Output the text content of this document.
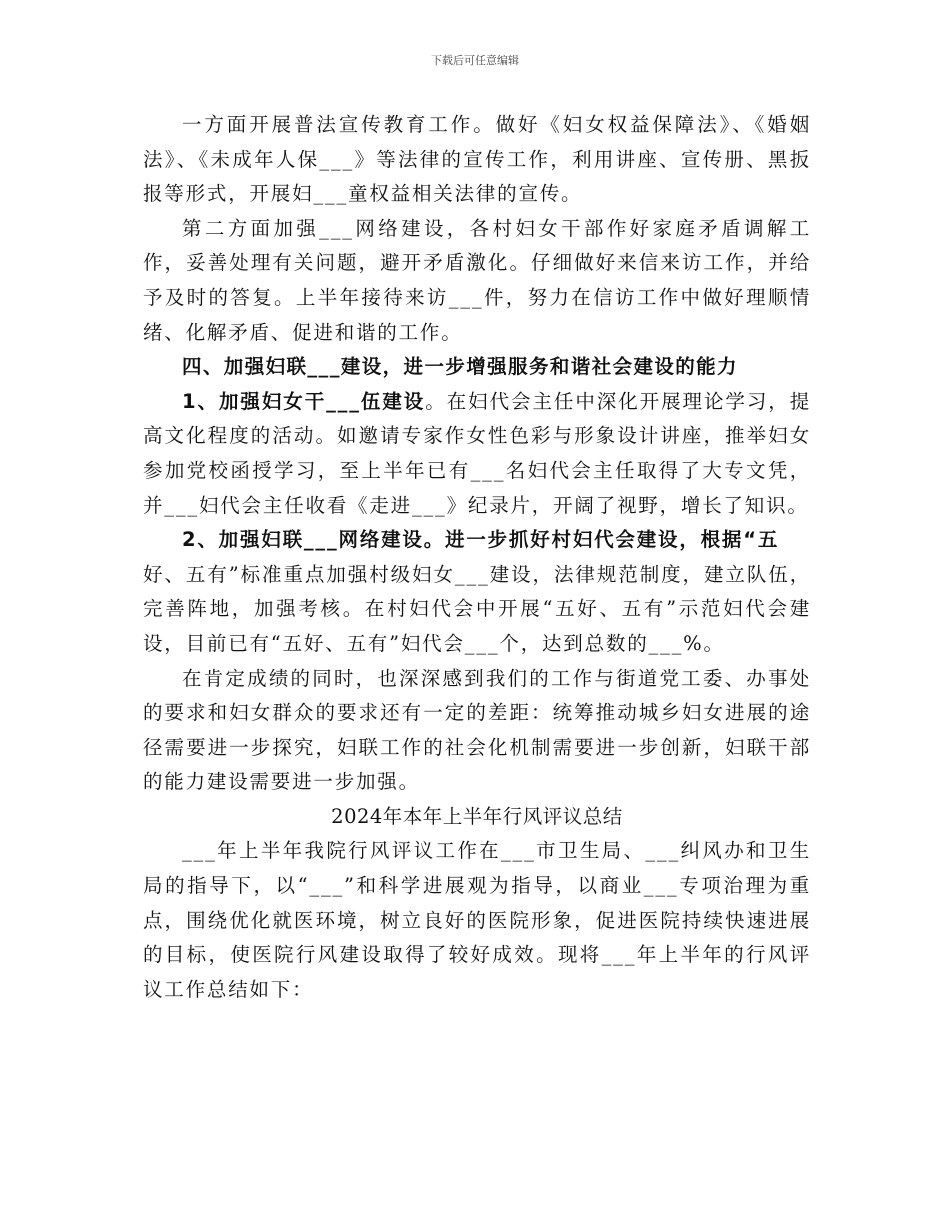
下载后可任意编辑

一方面开展普法宣传教育工作。做好《妇女权益保障法》、《婚姻法》、《未成年人保___》等法律的宣传工作，利用讲座、宣传册、黑扳报等形式，开展妇___童权益相关法律的宣传。

第二方面加强___网络建设，各村妇女干部作好家庭矛盾调解工作，妥善处理有关问题，避开矛盾激化。仔细做好来信来访工作，并给予及时的答复。上半年接待来访___件，努力在信访工作中做好理顺情绪、化解矛盾、促进和谐的工作。

四、加强妇联___建设，进一步增强服务和谐社会建设的能力

1、加强妇女干___伍建设。在妇代会主任中深化开展理论学习，提高文化程度的活动。如邀请专家作女性色彩与形象设计讲座，推举妇女参加党校函授学习，至上半年已有___名妇代会主任取得了大专文凭，并___妇代会主任收看《走进___》纪录片，开阔了视野，增长了知识。

2、加强妇联___网络建设。进一步抓好村妇代会建设，根据“五

好、五有”标准重点加强村级妇女___建设，法律规范制度，建立队伍，完善阵地，加强考核。在村妇代会中开展“五好、五有”示范妇代会建设，目前已有“五好、五有”妇代会___个，达到总数的___%。

在肯定成绩的同时，也深深感到我们的工作与街道党工委、办事处的要求和妇女群众的要求还有一定的差距：统筹推动城乡妇女进展的途径需要进一步探究，妇联工作的社会化机制需要进一步创新，妇联干部的能力建设需要进一步加强。

2024年本年上半年行风评议总结

___年上半年我院行风评议工作在___市卫生局、___纠风办和卫生局的指导下，以“___”和科学进展观为指导，以商业___专项治理为重点，围绕优化就医环境，树立良好的医院形象，促进医院持续快速进展的目标，使医院行风建设取得了较好成效。现将___年上半年的行风评议工作总结如下：
